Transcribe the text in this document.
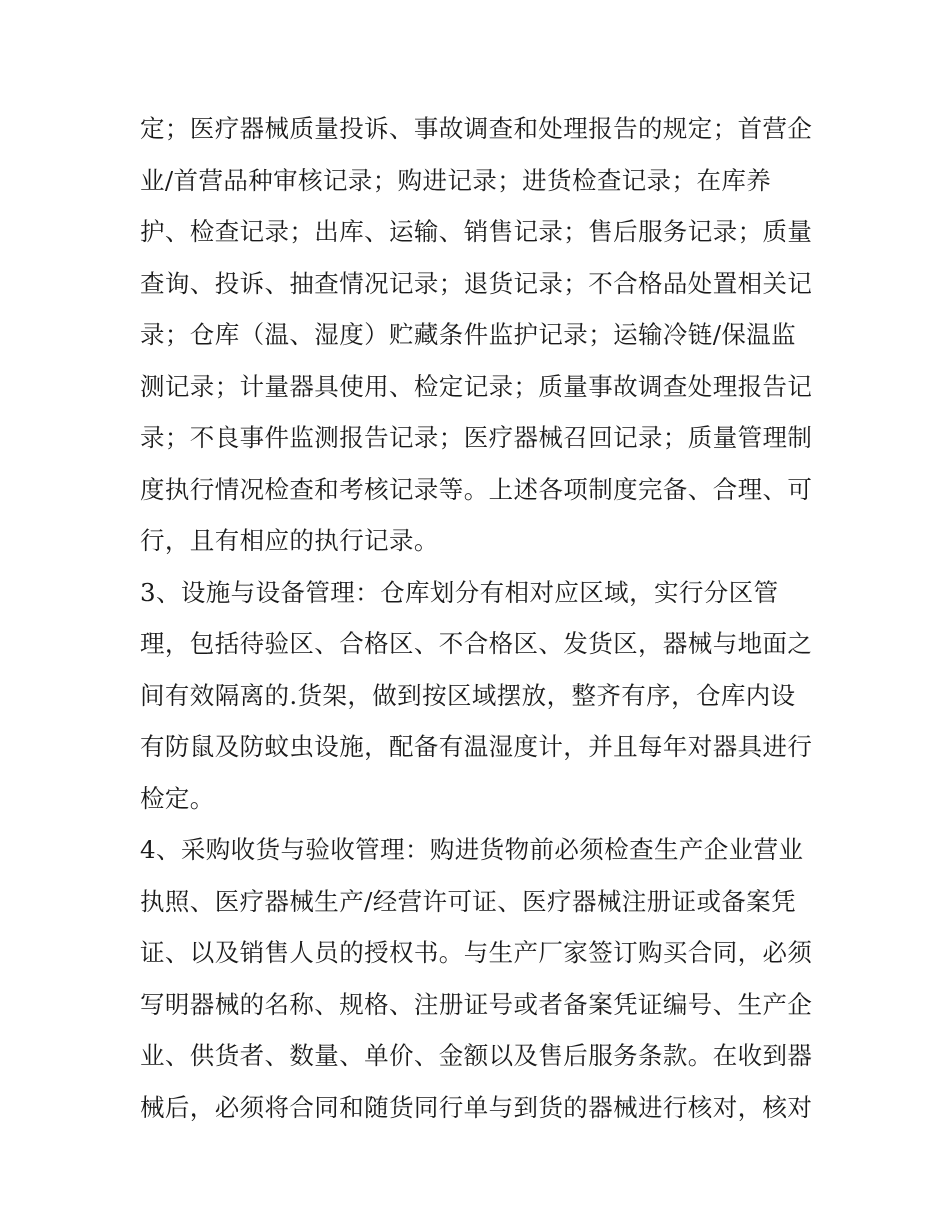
定；医疗器械质量投诉、事故调查和处理报告的规定；首营企
业/首营品种审核记录；购进记录；进货检查记录；在库养
护、检查记录；出库、运输、销售记录；售后服务记录；质量
查询、投诉、抽查情况记录；退货记录；不合格品处置相关记
录；仓库（温、湿度）贮藏条件监护记录；运输冷链/保温监
测记录；计量器具使用、检定记录；质量事故调查处理报告记
录；不良事件监测报告记录；医疗器械召回记录；质量管理制
度执行情况检查和考核记录等。上述各项制度完备、合理、可
行，且有相应的执行记录。
3、设施与设备管理：仓库划分有相对应区域，实行分区管
理，包括待验区、合格区、不合格区、发货区，器械与地面之
间有效隔离的.货架，做到按区域摆放，整齐有序，仓库内设
有防鼠及防蚊虫设施，配备有温湿度计，并且每年对器具进行
检定。
4、采购收货与验收管理：购进货物前必须检查生产企业营业
执照、医疗器械生产/经营许可证、医疗器械注册证或备案凭
证、以及销售人员的授权书。与生产厂家签订购买合同，必须
写明器械的名称、规格、注册证号或者备案凭证编号、生产企
业、供货者、数量、单价、金额以及售后服务条款。在收到器
械后，必须将合同和随货同行单与到货的器械进行核对，核对
